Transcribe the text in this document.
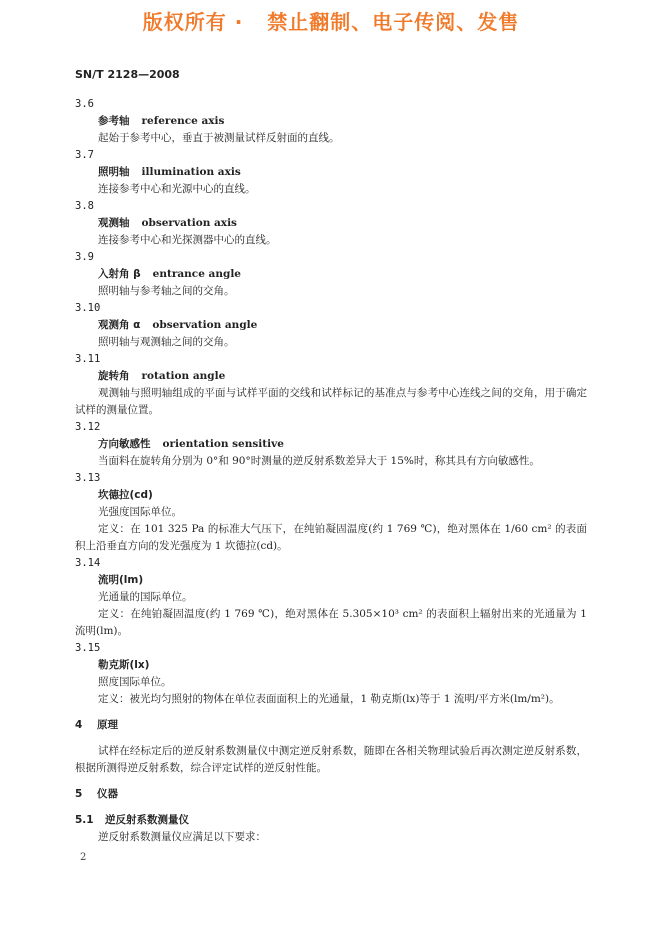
版权所有 ·   禁止翻制、电子传阅、发售
SN/T 2128—2008
3.6
参考轴 reference axis
起始于参考中心，垂直于被测量试样反射面的直线。
3.7
照明轴 illumination axis
连接参考中心和光源中心的直线。
3.8
观测轴 observation axis
连接参考中心和光探测器中心的直线。
3.9
入射角 β entrance angle
照明轴与参考轴之间的交角。
3.10
观测角 α observation angle
照明轴与观测轴之间的交角。
3.11
旋转角 rotation angle
观测轴与照明轴组成的平面与试样平面的交线和试样标记的基准点与参考中心连线之间的交角，用于确定试样的测量位置。
3.12
方向敏感性 orientation sensitive
当面料在旋转角分别为 0°和 90°时测量的逆反射系数差异大于 15%时，称其具有方向敏感性。
3.13
坎德拉(cd)
光强度国际单位。
定义：在 101 325 Pa 的标准大气压下，在纯铂凝固温度(约 1 769 ℃)，绝对黑体在 1/60 cm² 的表面积上沿垂直方向的发光强度为 1 坎德拉(cd)。
3.14
流明(lm)
光通量的国际单位。
定义：在纯铂凝固温度(约 1 769 ℃)，绝对黑体在 5.305×10³ cm² 的表面积上辐射出来的光通量为 1 流明(lm)。
3.15
勒克斯(lx)
照度国际单位。
定义：被光均匀照射的物体在单位表面面积上的光通量，1 勒克斯(lx)等于 1 流明/平方米(lm/m²)。
4 原理
试样在经标定后的逆反射系数测量仪中测定逆反射系数，随即在各相关物理试验后再次测定逆反射系数，根据所测得逆反射系数，综合评定试样的逆反射性能。
5 仪器
5.1 逆反射系数测量仪
逆反射系数测量仪应满足以下要求：
2
